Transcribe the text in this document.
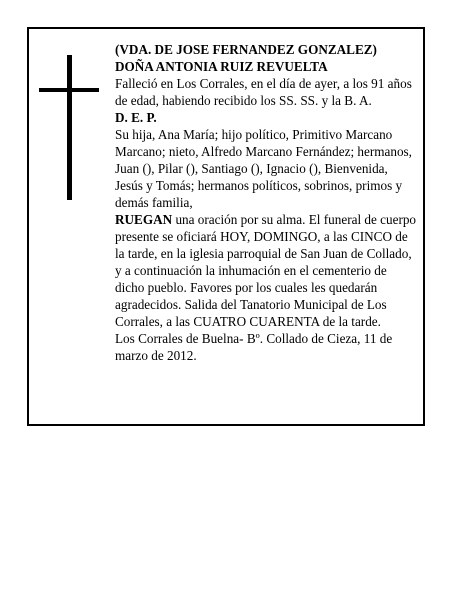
(VDA. DE JOSE FERNANDEZ GONZALEZ)

DOÑA ANTONIA RUIZ REVUELTA

Falleció en Los Corrales, en el día de ayer, a los 91 años de edad, habiendo recibido los SS. SS. y la B. A.

D. E. P.

Su hija, Ana María; hijo político, Primitivo Marcano Marcano; nieto, Alfredo Marcano Fernández; hermanos, Juan (), Pilar (), Santiago (), Ignacio (), Bienvenida, Jesús y Tomás; hermanos políticos, sobrinos, primos y demás familia,

RUEGAN una oración por su alma. El funeral de cuerpo presente se oficiará HOY, DOMINGO, a las CINCO de la tarde, en la iglesia parroquial de San Juan de Collado, y a continuación la inhumación en el cementerio de dicho pueblo. Favores por los cuales les quedarán agradecidos. Salida del Tanatorio Municipal de Los Corrales, a las CUATRO CUARENTA de la tarde.

Los Corrales de Buelna- Bº. Collado de Cieza, 11 de marzo de 2012.
